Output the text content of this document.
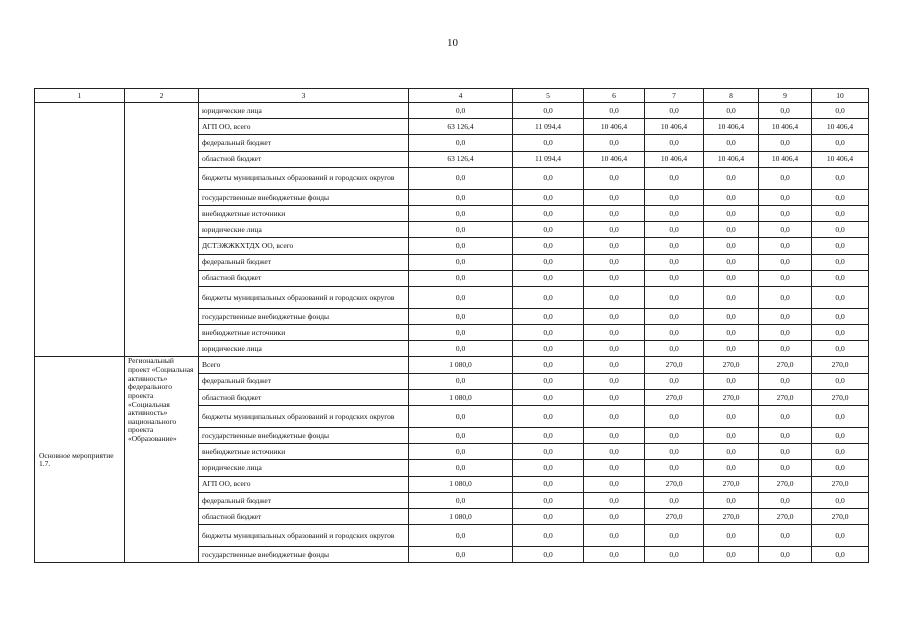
10
1	2	3	4	5	6	7	8	9	10
		юридические лица	0,0	0,0	0,0	0,0	0,0	0,0	0,0
		АГП ОО, всего	63 126,4	11 094,4	10 406,4	10 406,4	10 406,4	10 406,4	10 406,4
		федеральный бюджет	0,0	0,0	0,0	0,0	0,0	0,0	0,0
		областной бюджет	63 126,4	11 094,4	10 406,4	10 406,4	10 406,4	10 406,4	10 406,4
		бюджеты муниципальных образований и городских округов	0,0	0,0	0,0	0,0	0,0	0,0	0,0
		государственные внебюджетные фонды	0,0	0,0	0,0	0,0	0,0	0,0	0,0
		внебюджетные источники	0,0	0,0	0,0	0,0	0,0	0,0	0,0
		юридические лица	0,0	0,0	0,0	0,0	0,0	0,0	0,0
		ДСТЭЖЖКХТДХ ОО, всего	0,0	0,0	0,0	0,0	0,0	0,0	0,0
		федеральный бюджет	0,0	0,0	0,0	0,0	0,0	0,0	0,0
		областной бюджет	0,0	0,0	0,0	0,0	0,0	0,0	0,0
		бюджеты муниципальных образований и городских округов	0,0	0,0	0,0	0,0	0,0	0,0	0,0
		государственные внебюджетные фонды	0,0	0,0	0,0	0,0	0,0	0,0	0,0
		внебюджетные источники	0,0	0,0	0,0	0,0	0,0	0,0	0,0
		юридические лица	0,0	0,0	0,0	0,0	0,0	0,0	0,0
Основное мероприятие 1.7.	Региональный проект «Социальная активность» федерального проекта «Социальная активность» национального проекта «Образование»	Всего	1 080,0	0,0	0,0	270,0	270,0	270,0	270,0
		федеральный бюджет	0,0	0,0	0,0	0,0	0,0	0,0	0,0
		областной бюджет	1 080,0	0,0	0,0	270,0	270,0	270,0	270,0
		бюджеты муниципальных образований и городских округов	0,0	0,0	0,0	0,0	0,0	0,0	0,0
		государственные внебюджетные фонды	0,0	0,0	0,0	0,0	0,0	0,0	0,0
		внебюджетные источники	0,0	0,0	0,0	0,0	0,0	0,0	0,0
		юридические лица	0,0	0,0	0,0	0,0	0,0	0,0	0,0
		АГП ОО, всего	1 080,0	0,0	0,0	270,0	270,0	270,0	270,0
		федеральный бюджет	0,0	0,0	0,0	0,0	0,0	0,0	0,0
		областной бюджет	1 080,0	0,0	0,0	270,0	270,0	270,0	270,0
		бюджеты муниципальных образований и городских округов	0,0	0,0	0,0	0,0	0,0	0,0	0,0
		государственные внебюджетные фонды	0,0	0,0	0,0	0,0	0,0	0,0	0,0
